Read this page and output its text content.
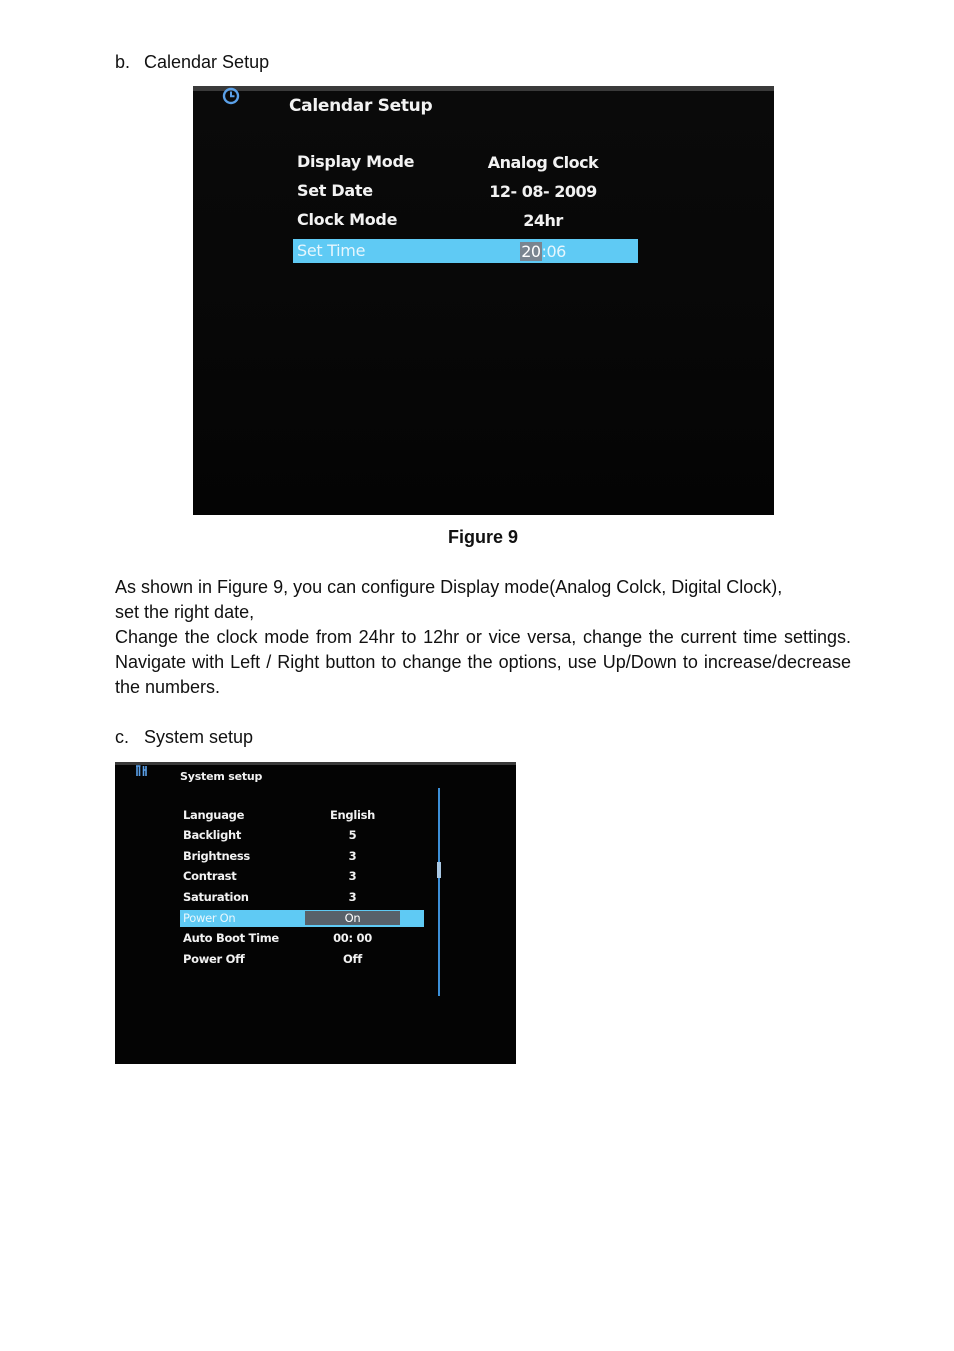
b. Calendar Setup
Calendar Setup
Display Mode	Analog Clock
Set Date	12- 08- 2009
Clock Mode	24hr
Set Time	20:06
Figure 9
As shown in Figure 9, you can configure Display mode(Analog Colck, Digital Clock),
set the right date,
Change the clock mode from 24hr to 12hr or vice versa, change the current time settings. Navigate with Left / Right button to change the options, use Up/Down to increase/decrease the numbers.
c. System setup
System setup
Language	English
Backlight	5
Brightness	3
Contrast	3
Saturation	3
Power On	On
Auto Boot Time	00: 00
Power Off	Off
